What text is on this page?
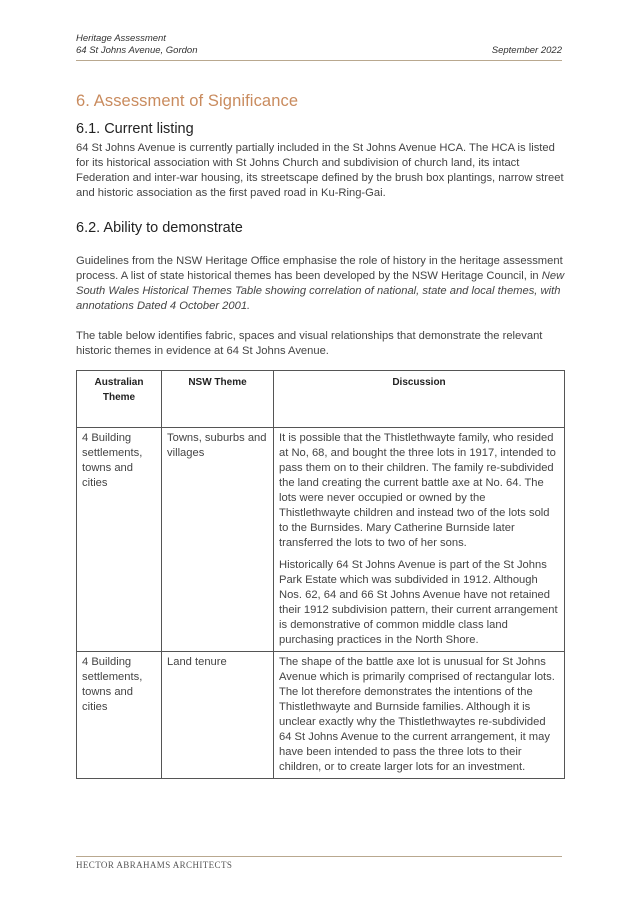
Heritage Assessment
64 St Johns Avenue, Gordon	September 2022
6. Assessment of Significance
6.1. Current listing

64 St Johns Avenue is currently partially included in the St Johns Avenue HCA. The HCA is listed for its historical association with St Johns Church and subdivision of church land, its intact Federation and inter-war housing, its streetscape defined by the brush box plantings, narrow street and historic association as the first paved road in Ku-Ring-Gai.

6.2. Ability to demonstrate

Guidelines from the NSW Heritage Office emphasise the role of history in the heritage assessment process. A list of state historical themes has been developed by the NSW Heritage Council, in New South Wales Historical Themes Table showing correlation of national, state and local themes, with annotations Dated 4 October 2001.

The table below identifies fabric, spaces and visual relationships that demonstrate the relevant historic themes in evidence at 64 St Johns Avenue.

Australian Theme	NSW Theme	Discussion
4 Building settlements, towns and cities	Towns, suburbs and villages	It is possible that the Thistlethwayte family, who resided at No, 68, and bought the three lots in 1917, intended to pass them on to their children. The family re-subdivided the land creating the current battle axe at No. 64. The lots were never occupied or owned by the Thistlethwayte children and instead two of the lots sold to the Burnsides. Mary Catherine Burnside later transferred the lots to two of her sons.

Historically 64 St Johns Avenue is part of the St Johns Park Estate which was subdivided in 1912. Although Nos. 62, 64 and 66 St Johns Avenue have not retained their 1912 subdivision pattern, their current arrangement is demonstrative of common middle class land purchasing practices in the North Shore.

4 Building settlements, towns and cities	Land tenure	The shape of the battle axe lot is unusual for St Johns Avenue which is primarily comprised of rectangular lots. The lot therefore demonstrates the intentions of the Thistlethwayte and Burnside families. Although it is unclear exactly why the Thistlethwaytes re-subdivided 64 St Johns Avenue to the current arrangement, it may have been intended to pass the three lots to their children, or to create larger lots for an investment.

HECTOR ABRAHAMS ARCHITECTS
